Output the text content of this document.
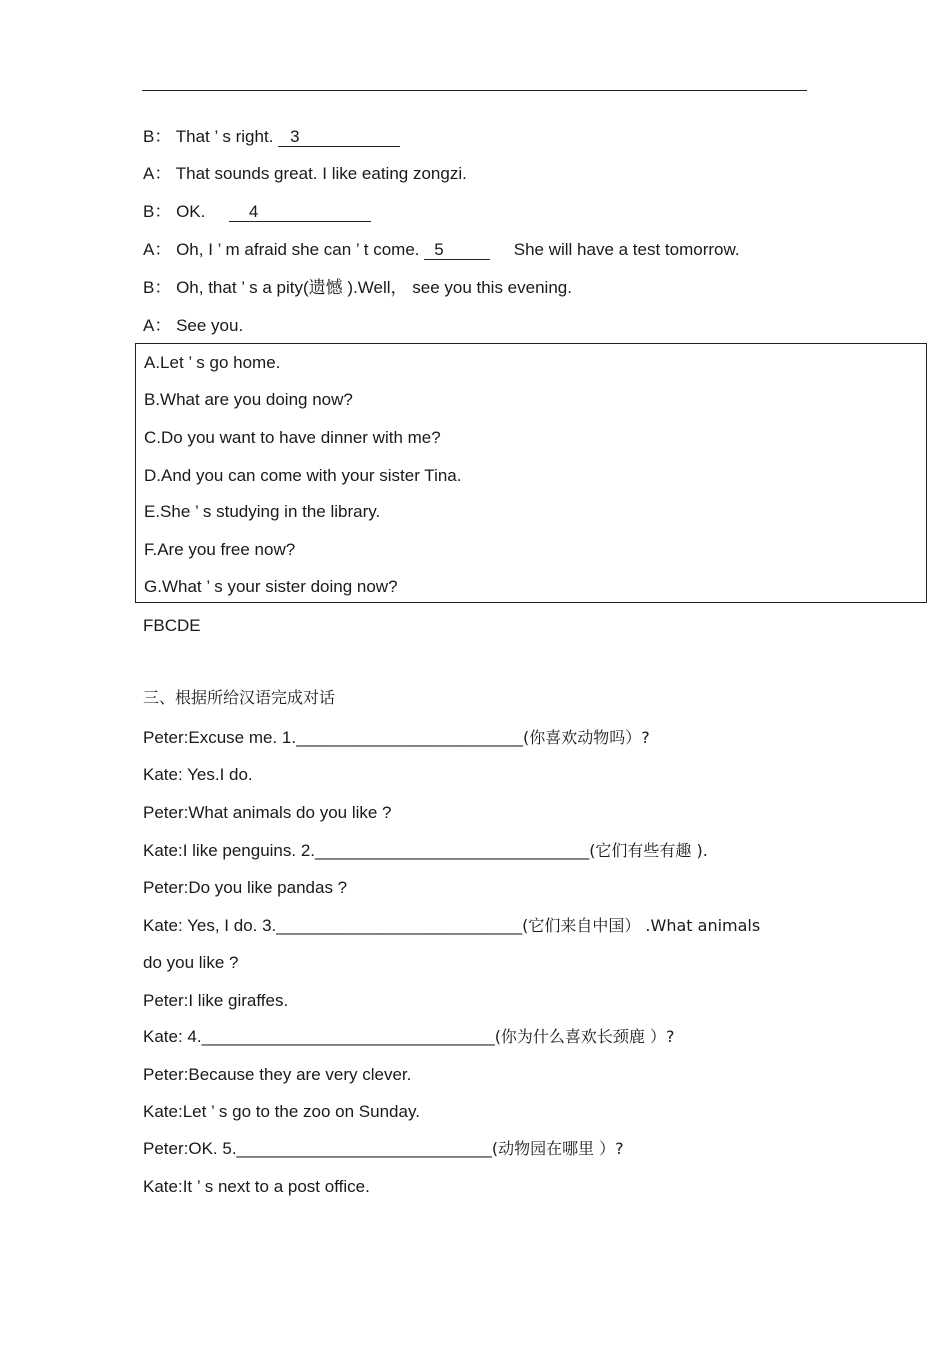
B： That ’ s right. 3
A： That sounds great. I like eating zongzi.
B： OK.	4
A： Oh, I ’ m afraid she can ’ t come. 5	She will have a test tomorrow.
B： Oh, that ’ s a pity(遗憾 ).Well， see you this evening.
A： See you.
A.Let ’ s go home.
B.What are you doing now?
C.Do you want to have dinner with me?
D.And you can come with your sister Tina.
E.She ’ s studying in the library.
F.Are you free now?
G.What ’ s your sister doing now?
FBCDE
三、根据所给汉语完成对话
Peter:Excuse me. 1.________________________(你喜欢动物吗）?
Kate: Yes.I do.
Peter:What animals do you like ?
Kate:I like penguins. 2._____________________________(它们有些有趣 ).
Peter:Do you like pandas ?
Kate: Yes, I do. 3.__________________________(它们来自中国） .What animals
do you like ?
Peter:I like giraffes.
Kate: 4._______________________________(你为什么喜欢长颈鹿 ）?
Peter:Because they are very clever.
Kate:Let ’ s go to the zoo on Sunday.
Peter:OK. 5.___________________________(动物园在哪里 ）?
Kate:It ’ s next to a post office.
